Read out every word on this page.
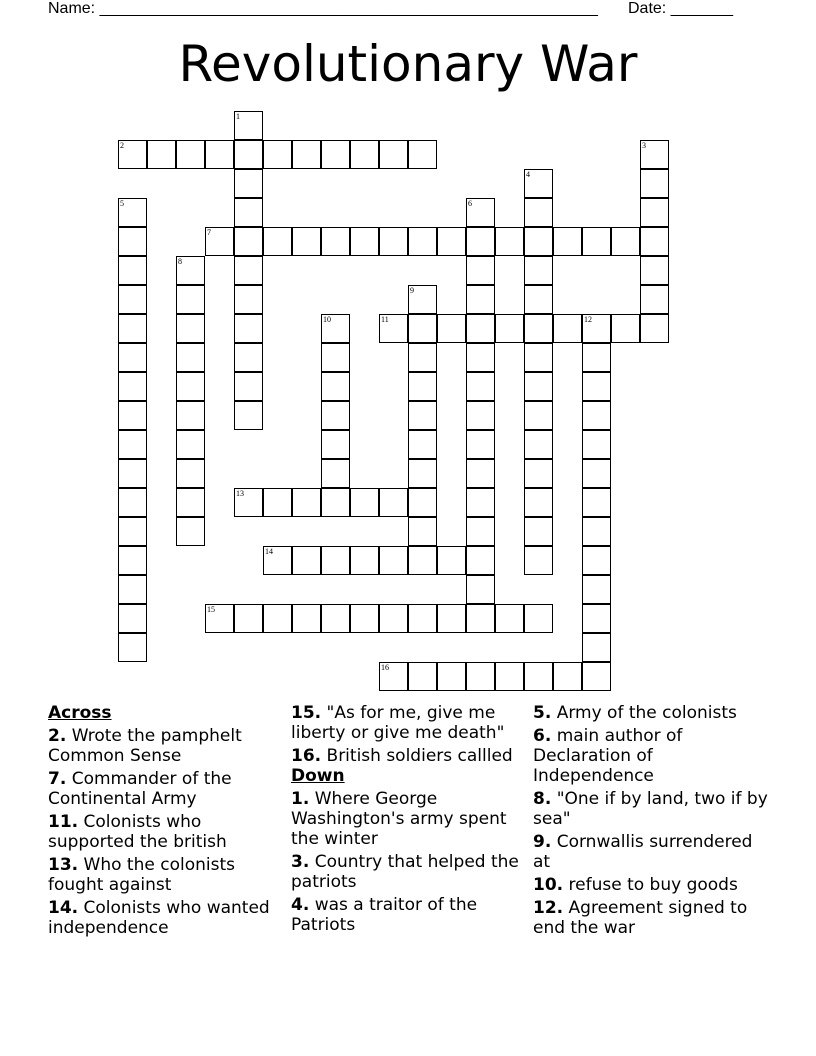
Name: ________________________________________________________ Date: _______
Revolutionary War
1
2	3
4
5	6
7
8
9
10	11	12
13
14
15
16
Across
2. Wrote the pamphelt Common Sense
7. Commander of the Continental Army
11. Colonists who supported the british
13. Who the colonists fought against
14. Colonists who wanted independence
15. "As for me, give me liberty or give me death"
16. British soldiers callled
Down
1. Where George Washington's army spent the winter
3. Country that helped the patriots
4. was a traitor of the Patriots
5. Army of the colonists
6. main author of Declaration of Independence
8. "One if by land, two if by sea"
9. Cornwallis surrendered at
10. refuse to buy goods
12. Agreement signed to end the war
